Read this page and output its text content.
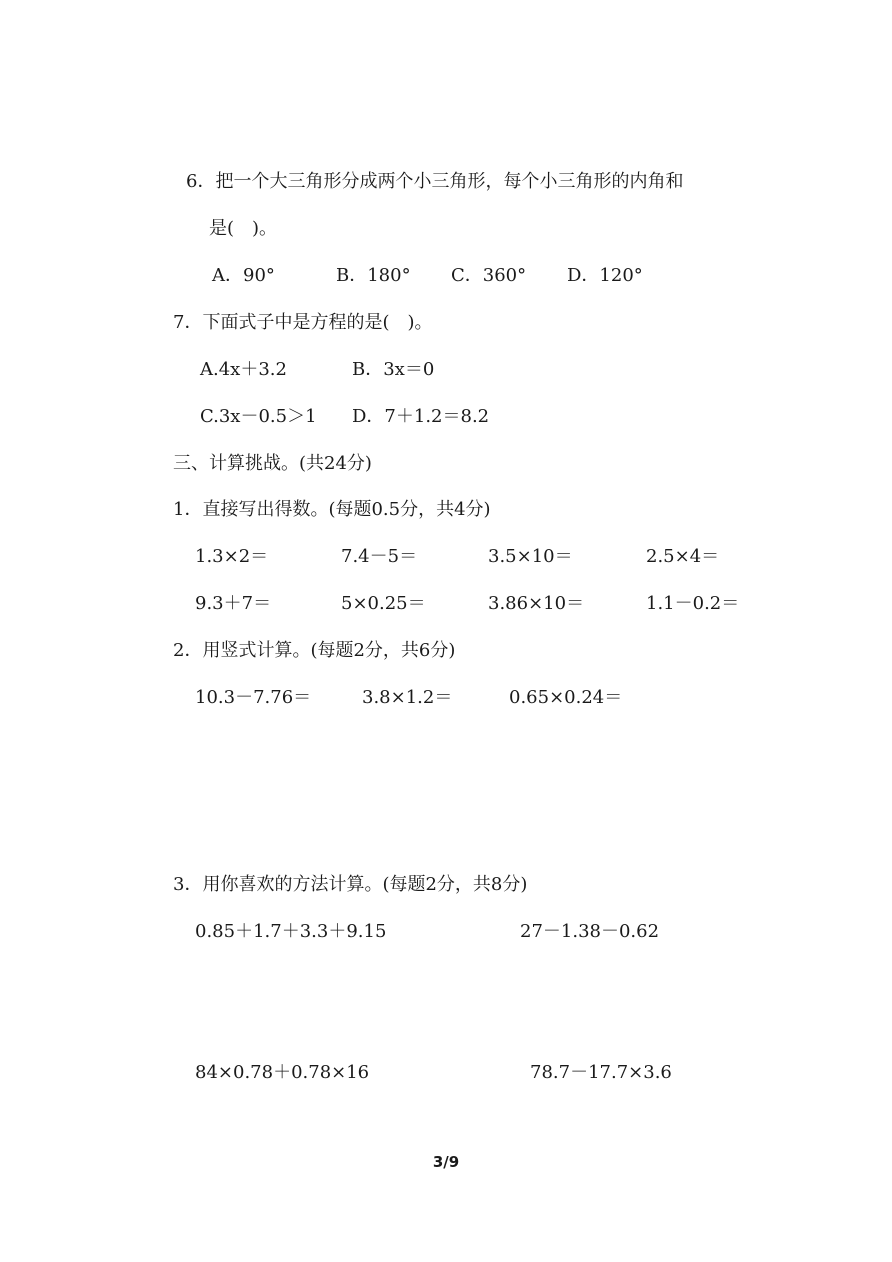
6．把一个大三角形分成两个小三角形，每个小三角形的内角和
是(　)。
A．90°	B．180° C．360° D．120°
7．下面式子中是方程的是(　)。
A.4x＋3.2	B．3x＝0
C.3x－0.5＞1 D．7＋1.2＝8.2
三、计算挑战。(共24分)
1．直接写出得数。(每题0.5分，共4分)
1.3×2＝	7.4－5＝	3.5×10＝	2.5×4＝
9.3＋7＝	5×0.25＝	3.86×10＝	1.1－0.2＝
2．用竖式计算。(每题2分，共6分)
10.3－7.76＝	3.8×1.2＝	0.65×0.24＝
3．用你喜欢的方法计算。(每题2分，共8分)
0.85＋1.7＋3.3＋9.15	27－1.38－0.62
84×0.78＋0.78×16	78.7－17.7×3.6
3/9
